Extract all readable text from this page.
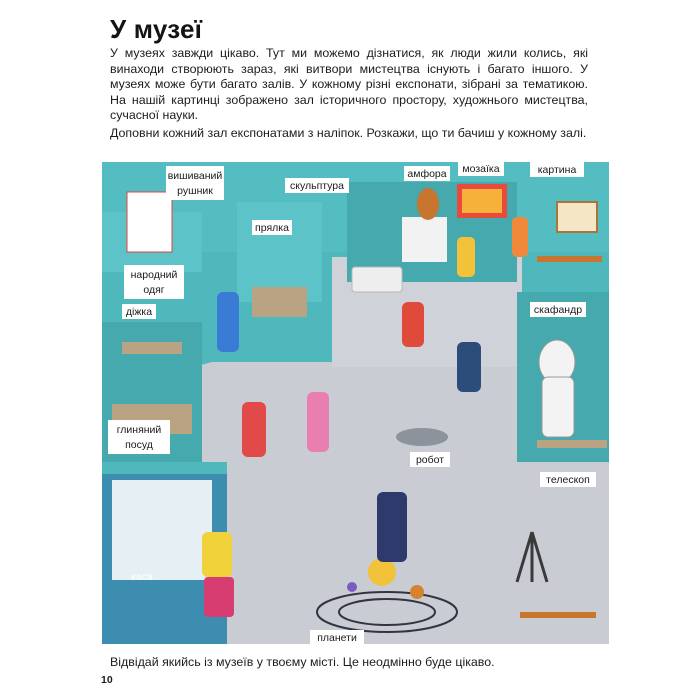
У музеї
У музеях завжди цікаво. Тут ми можемо дізнатися, як люди жили колись, які винаходи створюють зараз, які витвори мистецтва існують і багато іншого. У музеях може бути багато залів. У кожному різні експонати, зібрані за тематикою. На нашій картинці зображено зал історичного простору, художнього мистецтва, сучасної науки.
Доповни кожний зал експонатами з наліпок. Розкажи, що ти бачиш у кожному залі.
вишиваний
рушник	скульптура
амфора мозаїка	картина
прялка
народний
одяг
діжка	скафандр
глиняний
посуд
робот
телескоп
каса
планети
Відвідай якийсь із музеїв у твоєму місті. Це неодмінно буде цікаво.
10
